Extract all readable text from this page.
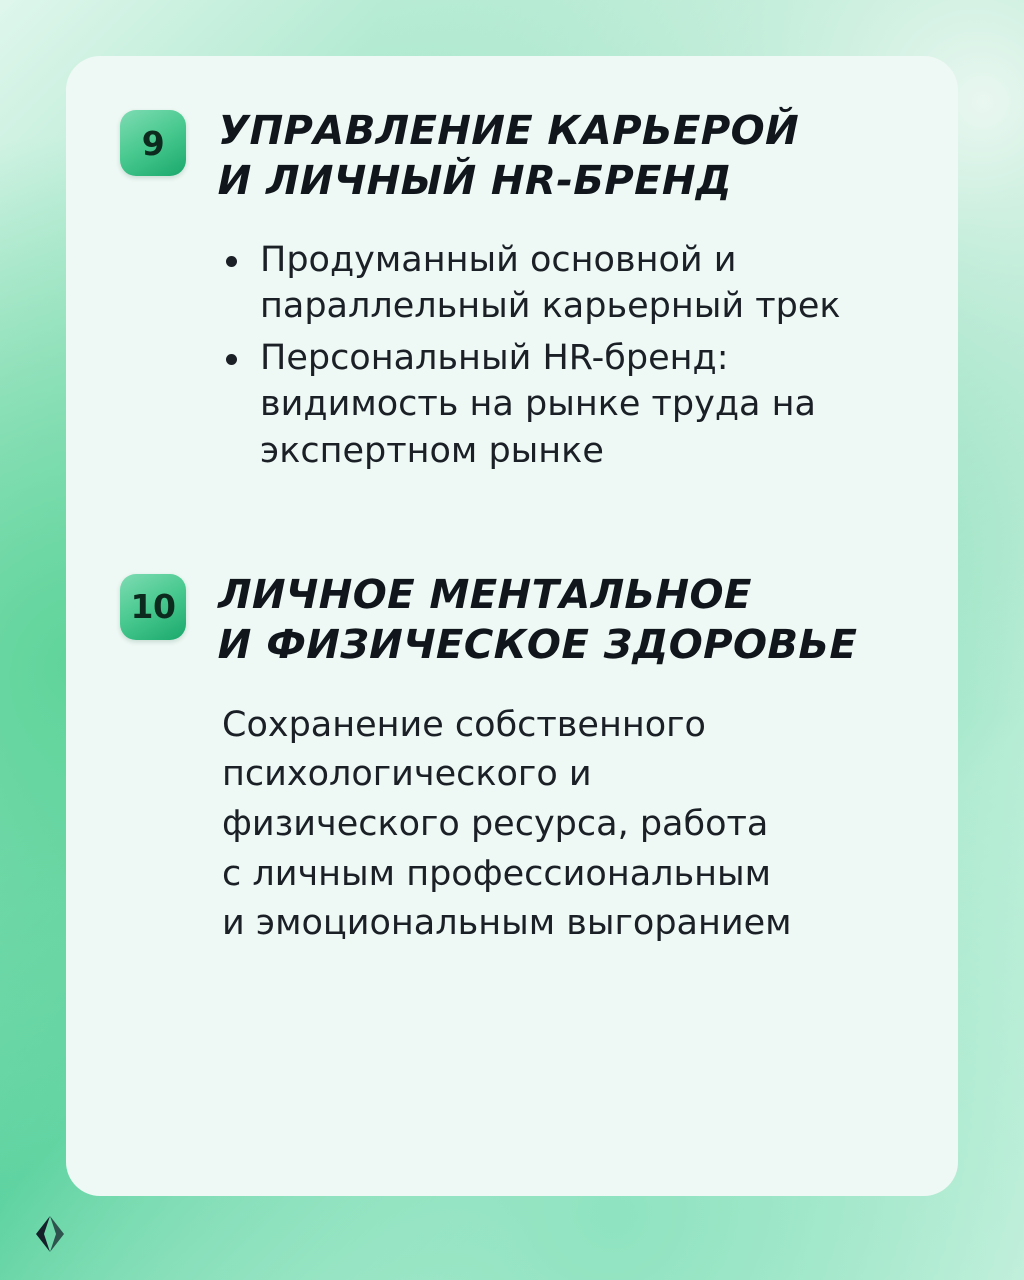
9	УПРАВЛЕНИЕ КАРЬЕРОЙ
И ЛИЧНЫЙ HR-БРЕНД
Продуманный основной и параллельный карьерный трек
Персональный HR-бренд: видимость на рынке труда на экспертном рынке
10 ЛИЧНОЕ МЕНТАЛЬНОЕ
И ФИЗИЧЕСКОЕ ЗДОРОВЬЕ
Сохранение собственного
психологического и
физического ресурса, работа
с личным профессиональным
и эмоциональным выгоранием
